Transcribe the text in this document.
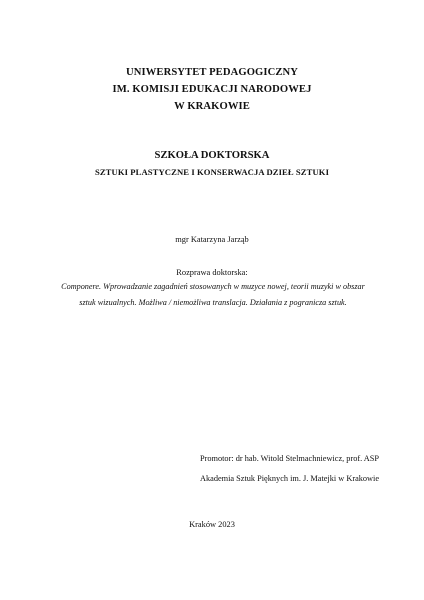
UNIWERSYTET PEDAGOGICZNY
IM. KOMISJI EDUKACJI NARODOWEJ
W KRAKOWIE
SZKOŁA DOKTORSKA
SZTUKI PLASTYCZNE I KONSERWACJA DZIEŁ SZTUKI
mgr Katarzyna Jarząb
Rozprawa doktorska:
Componere. Wprowadzanie zagadnień stosowanych w muzyce nowej, teorii muzyki w obszar
sztuk wizualnych. Możliwa / niemożliwa translacja. Działania z pogranicza sztuk.
Promotor: dr hab. Witold Stelmachniewicz, prof. ASP
Akademia Sztuk Pięknych im. J. Matejki w Krakowie
Kraków 2023
